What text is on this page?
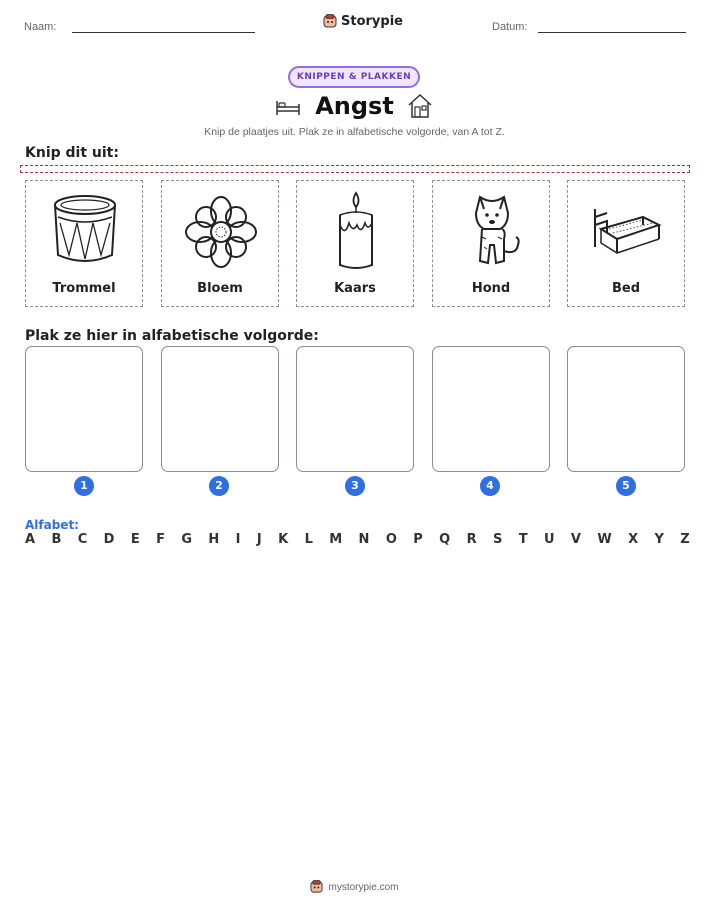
Naam:	Storypie	Datum:
KNIPPEN & PLAKKEN
Angst
Knip de plaatjes uit. Plak ze in alfabetische volgorde, van A tot Z.
Knip dit uit:
Trommel	Bloem	Kaars	Hond	Bed
Plak ze hier in alfabetische volgorde:
1	2	3	4	5
Alfabet:
A B C D E F G H I J K L M N O P Q R S T U V W X Y Z
mystorypie.com
